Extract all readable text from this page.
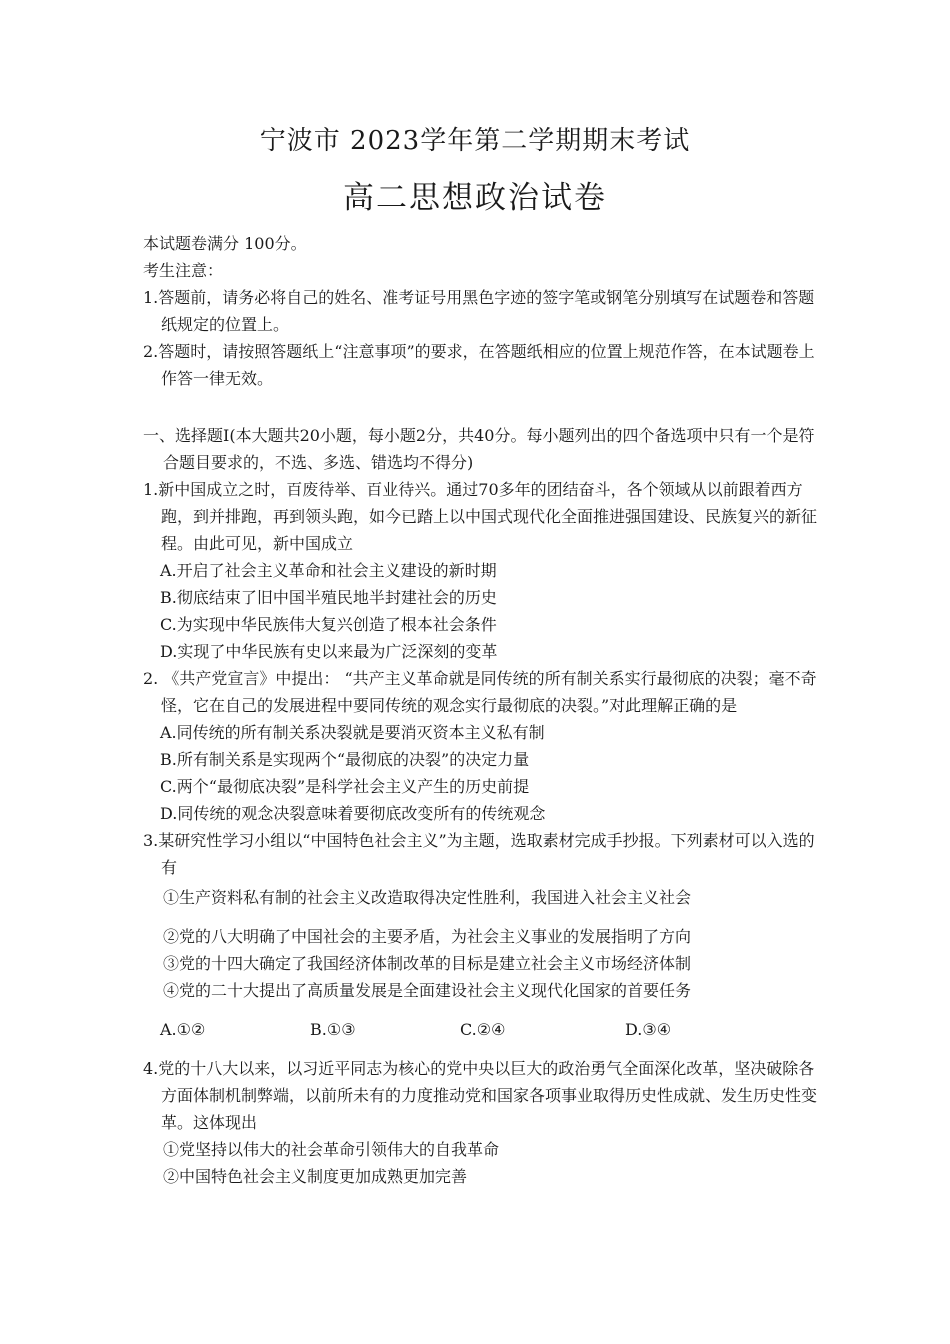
宁波市 2023学年第二学期期末考试
高二思想政治试卷

本试题卷满分 100分。

考生注意：

1.答题前，请务必将自己的姓名、准考证号用黑色字迹的签字笔或钢笔分别填写在试题卷和答题纸规定的位置上。

2.答题时，请按照答题纸上“注意事项”的要求，在答题纸相应的位置上规范作答，在本试题卷上作答一律无效。

一、选择题Ⅰ(本大题共20小题，每小题2分，共40分。每小题列出的四个备选项中只有一个是符合题目要求的，不选、多选、错选均不得分)

1.新中国成立之时，百废待举、百业待兴。通过70多年的团结奋斗，各个领域从以前跟着西方跑，到并排跑，再到领头跑，如今已踏上以中国式现代化全面推进强国建设、民族复兴的新征程。由此可见，新中国成立

A.开启了社会主义革命和社会主义建设的新时期

B.彻底结束了旧中国半殖民地半封建社会的历史

C.为实现中华民族伟大复兴创造了根本社会条件

D.实现了中华民族有史以来最为广泛深刻的变革

2. 《共产党宣言》中提出： “共产主义革命就是同传统的所有制关系实行最彻底的决裂；毫不奇怪，它在自己的发展进程中要同传统的观念实行最彻底的决裂。”对此理解正确的是

A.同传统的所有制关系决裂就是要消灭资本主义私有制

B.所有制关系是实现两个“最彻底的决裂”的决定力量

C.两个“最彻底决裂”是科学社会主义产生的历史前提

D.同传统的观念决裂意味着要彻底改变所有的传统观念

3.某研究性学习小组以“中国特色社会主义”为主题，选取素材完成手抄报。下列素材可以入选的有

①生产资料私有制的社会主义改造取得决定性胜利，我国进入社会主义社会

②党的八大明确了中国社会的主要矛盾，为社会主义事业的发展指明了方向

③党的十四大确定了我国经济体制改革的目标是建立社会主义市场经济体制

④党的二十大提出了高质量发展是全面建设社会主义现代化国家的首要任务

A.①②	B.①③	C.②④	D.③④

4.党的十八大以来，以习近平同志为核心的党中央以巨大的政治勇气全面深化改革，坚决破除各方面体制机制弊端，以前所未有的力度推动党和国家各项事业取得历史性成就、发生历史性变革。这体现出

①党坚持以伟大的社会革命引领伟大的自我革命

②中国特色社会主义制度更加成熟更加完善
